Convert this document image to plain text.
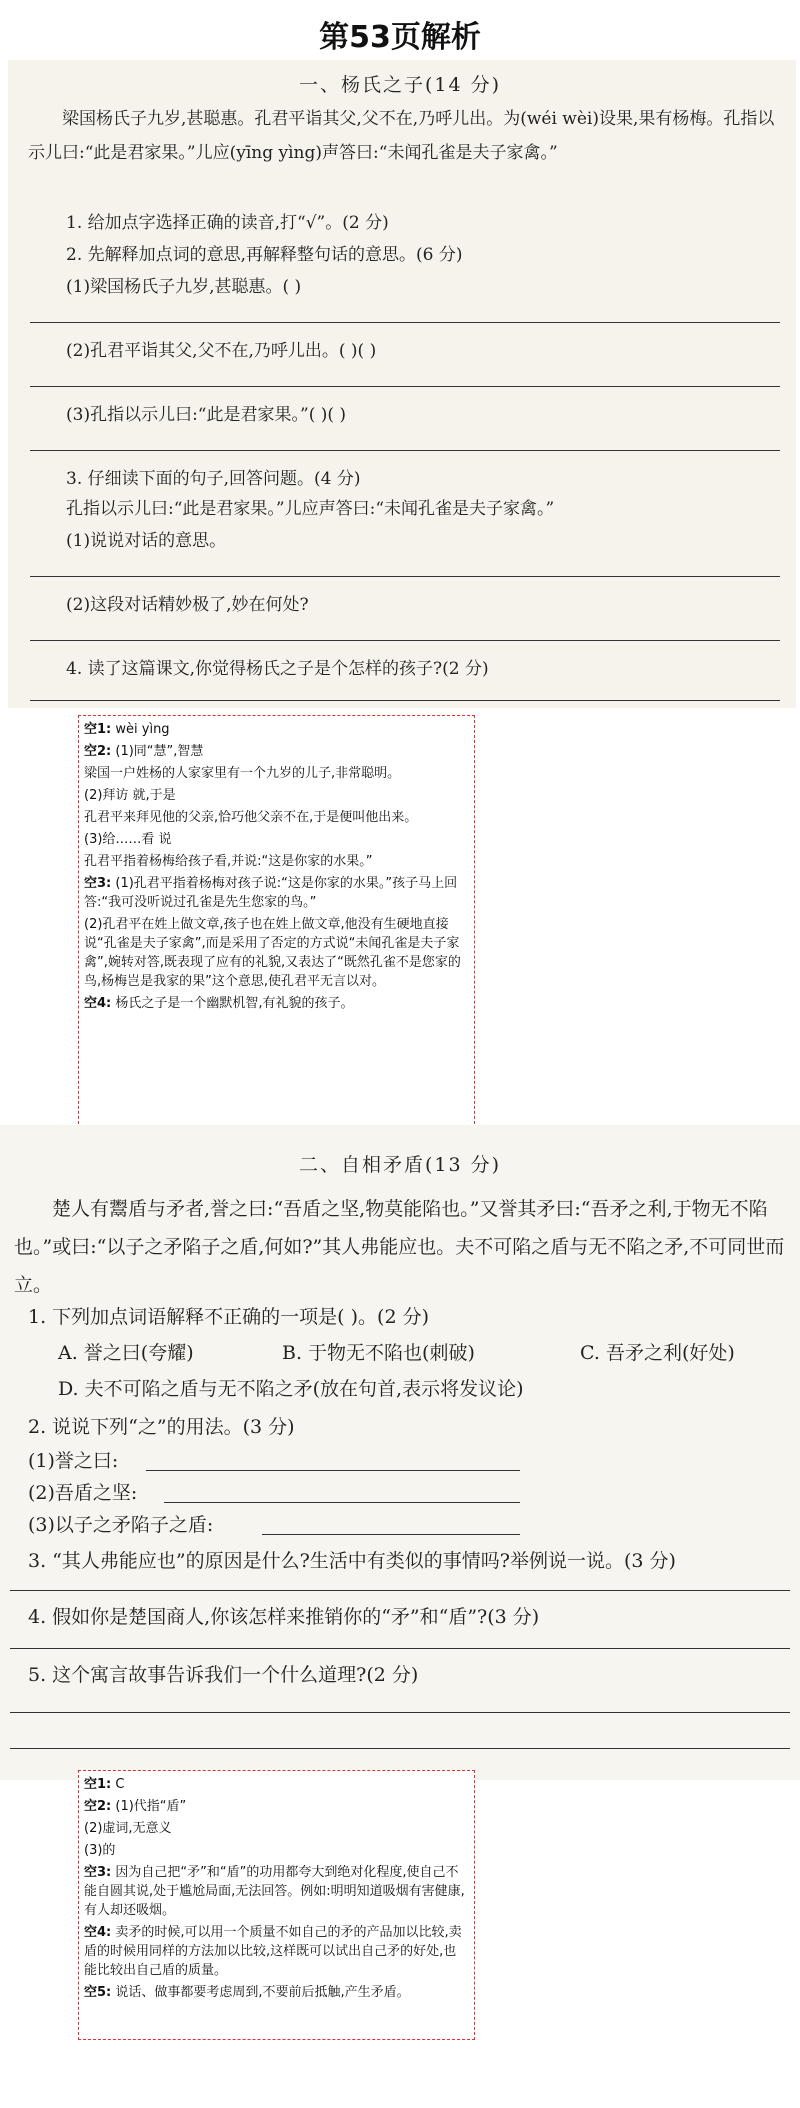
第53页解析
一、杨氏之子(14 分)
梁国杨氏子九岁,甚聪惠。孔君平诣其父,父不在,乃呼儿出。为(wéi wèi)设果,果有杨梅。孔指以示儿曰:“此是君家果。”儿应(yīng yìng)声答曰:“未闻孔雀是夫子家禽。”
1. 给加点字选择正确的读音,打“√”。(2 分)
2. 先解释加点词的意思,再解释整句话的意思。(6 分)
(1)梁国杨氏子九岁,甚聪惠。( )
(2)孔君平诣其父,父不在,乃呼儿出。( )( )
(3)孔指以示儿曰:“此是君家果。”( )( )
3. 仔细读下面的句子,回答问题。(4 分)
孔指以示儿曰:“此是君家果。”儿应声答曰:“未闻孔雀是夫子家禽。”
(1)说说对话的意思。
(2)这段对话精妙极了,妙在何处?
4. 读了这篇课文,你觉得杨氏之子是个怎样的孩子?(2 分)

空1: wèi yìng

空2: (1)同“慧”,智慧

梁国一户姓杨的人家家里有一个九岁的儿子,非常聪明。

(2)拜访 就,于是

孔君平来拜见他的父亲,恰巧他父亲不在,于是便叫他出来。

(3)给……看 说

孔君平指着杨梅给孩子看,并说:“这是你家的水果。”

空3: (1)孔君平指着杨梅对孩子说:“这是你家的水果。”孩子马上回答:“我可没听说过孔雀是先生您家的鸟。”

(2)孔君平在姓上做文章,孩子也在姓上做文章,他没有生硬地直接说“孔雀是夫子家禽”,而是采用了否定的方式说“未闻孔雀是夫子家禽”,婉转对答,既表现了应有的礼貌,又表达了“既然孔雀不是您家的鸟,杨梅岂是我家的果”这个意思,使孔君平无言以对。

空4: 杨氏之子是一个幽默机智,有礼貌的孩子。

二、自相矛盾(13 分)
楚人有鬻盾与矛者,誉之曰:“吾盾之坚,物莫能陷也。”又誉其矛曰:“吾矛之利,于物无不陷也。”或曰:“以子之矛陷子之盾,何如?”其人弗能应也。夫不可陷之盾与无不陷之矛,不可同世而立。
1. 下列加点词语解释不正确的一项是( )。(2 分)
A. 誉之曰(夸耀)	B. 于物无不陷也(刺破)	C. 吾矛之利(好处)
D. 夫不可陷之盾与无不陷之矛(放在句首,表示将发议论)
2. 说说下列“之”的用法。(3 分)
(1)誉之曰:
(2)吾盾之坚:
(3)以子之矛陷子之盾:
3. “其人弗能应也”的原因是什么?生活中有类似的事情吗?举例说一说。(3 分)
4. 假如你是楚国商人,你该怎样来推销你的“矛”和“盾”?(3 分)
5. 这个寓言故事告诉我们一个什么道理?(2 分)

空1: C

空2: (1)代指“盾”

(2)虚词,无意义

(3)的

空3: 因为自己把“矛”和“盾”的功用都夸大到绝对化程度,使自己不能自圆其说,处于尴尬局面,无法回答。例如:明明知道吸烟有害健康,有人却还吸烟。

空4: 卖矛的时候,可以用一个质量不如自己的矛的产品加以比较,卖盾的时候用同样的方法加以比较,这样既可以试出自己矛的好处,也能比较出自己盾的质量。

空5: 说话、做事都要考虑周到,不要前后抵触,产生矛盾。
